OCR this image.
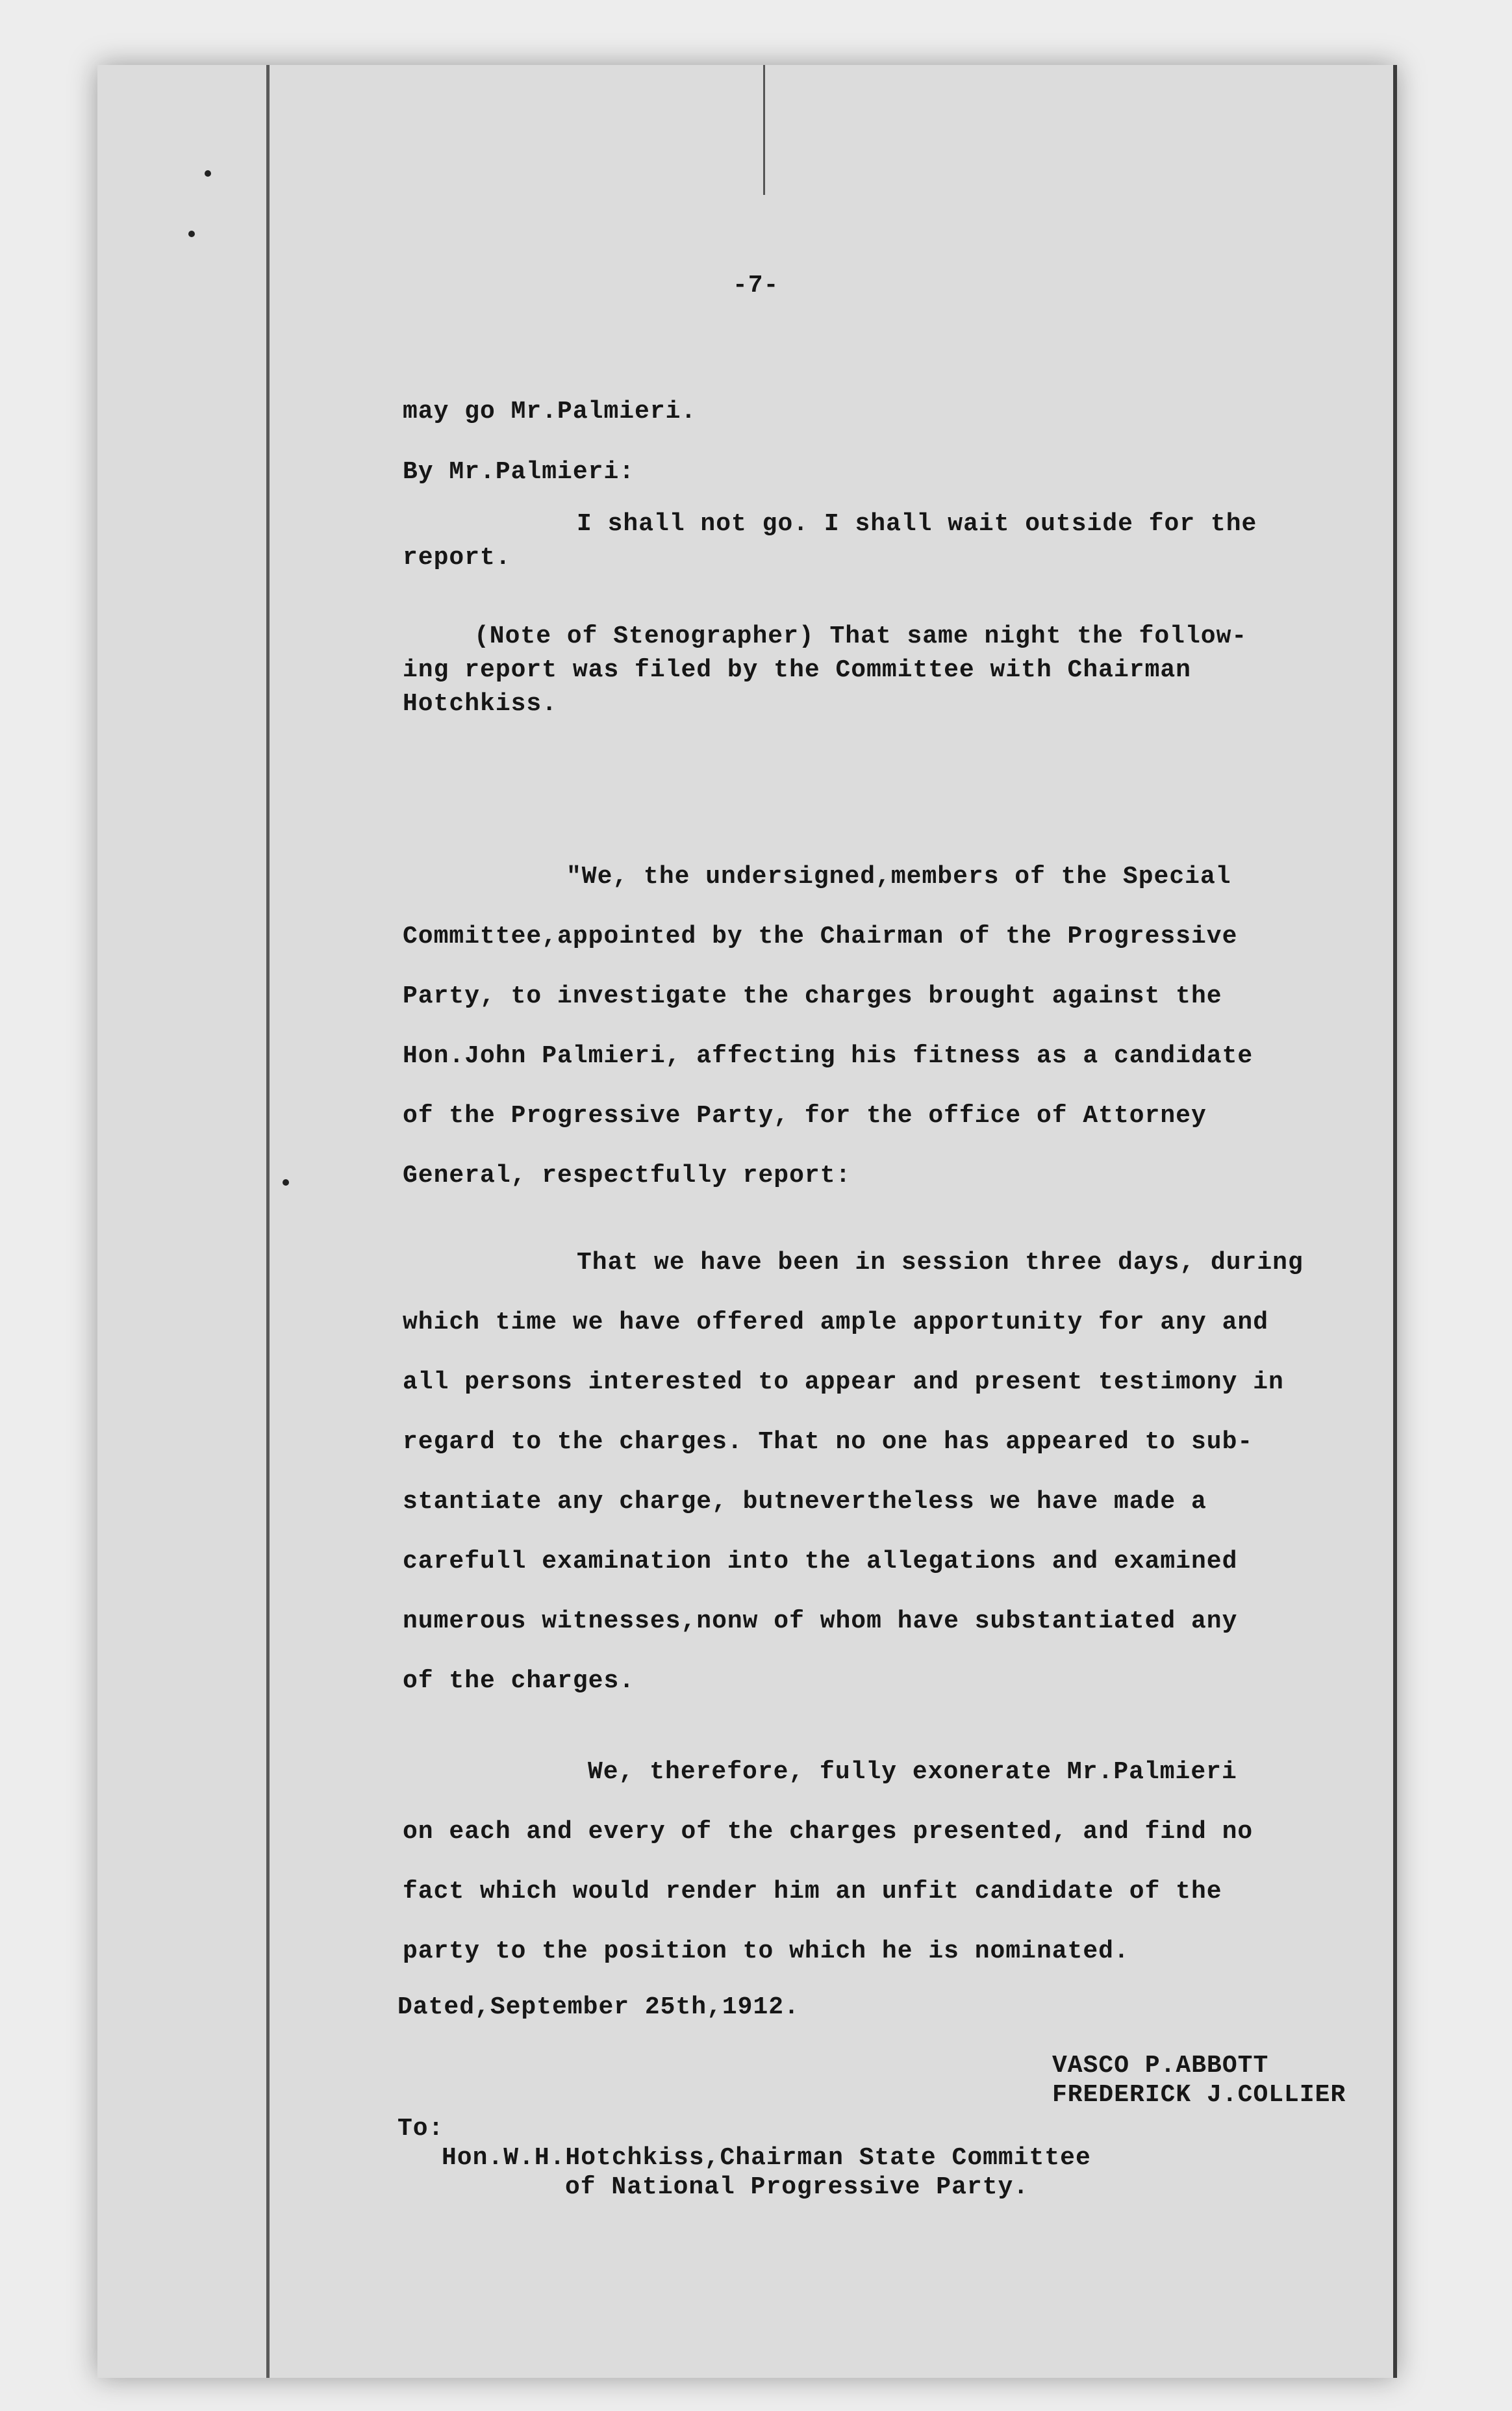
-7-
may go Mr.Palmieri.
By Mr.Palmieri:
I shall not go. I shall wait outside for the
report.
(Note of Stenographer) That same night the follow-
ing report was filed by the Committee with Chairman
Hotchkiss.
"We, the undersigned,members of the Special
Committee,appointed by the Chairman of the Progressive
Party, to investigate the charges brought against the
Hon.John Palmieri, affecting his fitness as a candidate
of the Progressive Party, for the office of Attorney
General, respectfully report:
That we have been in session three days, during
which time we have offered ample apportunity for any and
all persons interested to appear and present testimony in
regard to the charges. That no one has appeared to sub-
stantiate any charge, butnevertheless we have made a
carefull examination into the allegations and examined
numerous witnesses,nonw of whom have substantiated any
of the charges.
We, therefore, fully exonerate Mr.Palmieri
on each and every of the charges presented, and find no
fact which would render him an unfit candidate of the
party to the position to which he is nominated.
Dated,September 25th,1912.
VASCO P.ABBOTT
FREDERICK J.COLLIER
To:
Hon.W.H.Hotchkiss,Chairman State Committee
of National Progressive Party.
